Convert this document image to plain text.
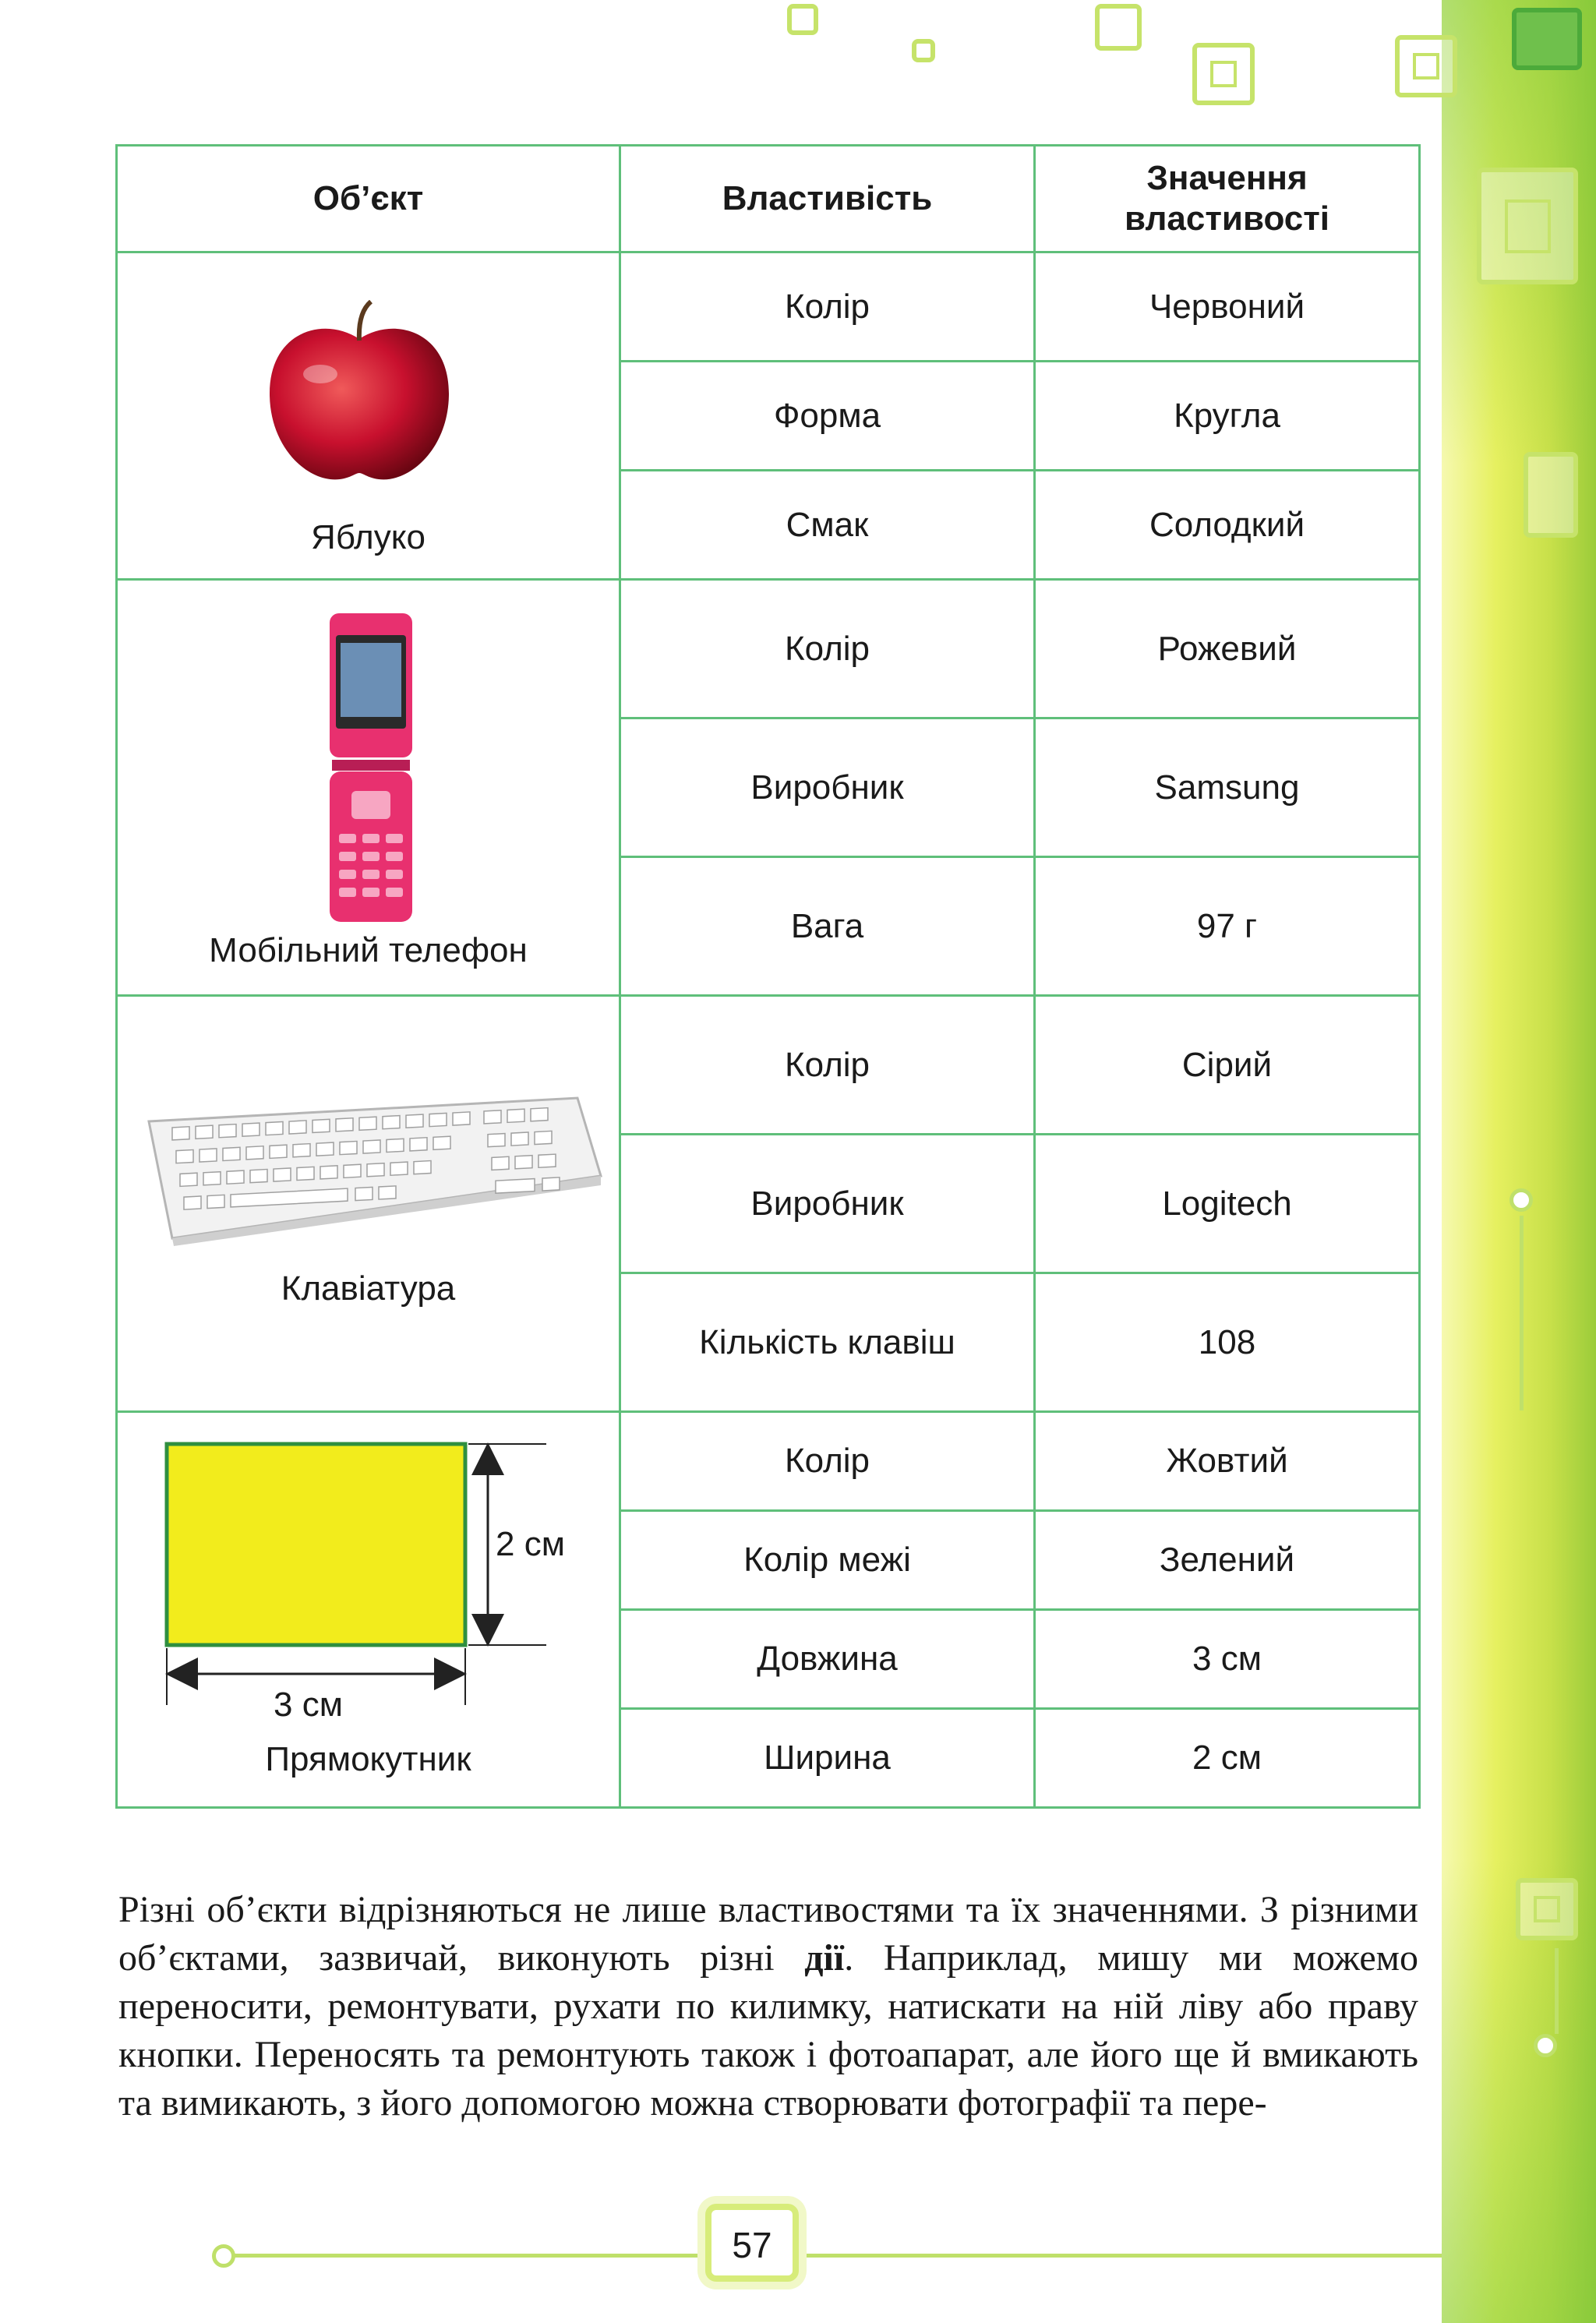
Об’єкт	Властивість	Значення
властивості

Яблуко	Колір	Червоний
	Форма	Кругла
	Смак	Солодкий

Мобільний телефон	Колір	Рожевий
	Виробник	Samsung
	Вага	97 г

Клавіатура	Колір	Сірий
	Виробник	Logitech
	Кількість клавіш	108

2 см
3 см
Прямокутник	Колір	Жовтий
	Колір межі	Зелений
	Довжина	3 см
	Ширина	2 см

Різні об’єкти відрізняються не лише властивостями та їх значеннями. З різними об’єктами, зазвичай, виконують різні дії. Наприклад, мишу ми можемо переносити, ремонтувати, рухати по килимку, натискати на ній ліву або праву кнопки. Переносять та ремонтують також і фотоапарат, але його ще й вмикають та вимикають, з його допомогою можна створювати фотографії та пере-

57
